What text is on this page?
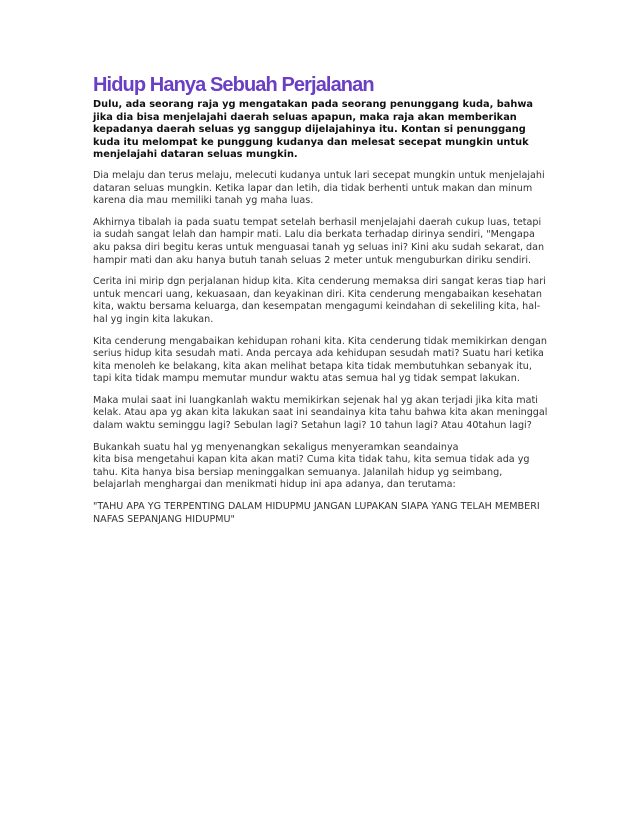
Hidup Hanya Sebuah Perjalanan

Dulu, ada seorang raja yg mengatakan pada seorang penunggang kuda, bahwa jika dia bisa menjelajahi daerah seluas apapun, maka raja akan memberikan kepadanya daerah seluas yg sanggup dijelajahinya itu. Kontan si penunggang kuda itu melompat ke punggung kudanya dan melesat secepat mungkin untuk menjelajahi dataran seluas mungkin.

Dia melaju dan terus melaju, melecuti kudanya untuk lari secepat mungkin untuk menjelajahi dataran seluas mungkin. Ketika lapar dan letih, dia tidak berhenti untuk makan dan minum karena dia mau memiliki tanah yg maha luas.

Akhirnya tibalah ia pada suatu tempat setelah berhasil menjelajahi daerah cukup luas, tetapi ia sudah sangat lelah dan hampir mati. Lalu dia berkata terhadap dirinya sendiri, "Mengapa aku paksa diri begitu keras untuk menguasai tanah yg seluas ini? Kini aku sudah sekarat, dan hampir mati dan aku hanya butuh tanah seluas 2 meter untuk menguburkan diriku sendiri.

Cerita ini mirip dgn perjalanan hidup kita. Kita cenderung memaksa diri sangat keras tiap hari untuk mencari uang, kekuasaan, dan keyakinan diri. Kita cenderung mengabaikan kesehatan kita, waktu bersama keluarga, dan kesempatan mengagumi keindahan di sekeliling kita, hal-hal yg ingin kita lakukan.

Kita cenderung mengabaikan kehidupan rohani kita. Kita cenderung tidak memikirkan dengan serius hidup kita sesudah mati. Anda percaya ada kehidupan sesudah mati? Suatu hari ketika kita menoleh ke belakang, kita akan melihat betapa kita tidak membutuhkan sebanyak itu, tapi kita tidak mampu memutar mundur waktu atas semua hal yg tidak sempat lakukan.

Maka mulai saat ini luangkanlah waktu memikirkan sejenak hal yg akan terjadi jika kita mati kelak. Atau apa yg akan kita lakukan saat ini seandainya kita tahu bahwa kita akan meninggal dalam waktu seminggu lagi? Sebulan lagi? Setahun lagi? 10 tahun lagi? Atau 40tahun lagi?

Bukankah suatu hal yg menyenangkan sekaligus menyeramkan seandainya
kita bisa mengetahui kapan kita akan mati? Cuma kita tidak tahu, kita semua tidak ada yg tahu. Kita hanya bisa bersiap meninggalkan semuanya. Jalanilah hidup yg seimbang, belajarlah menghargai dan menikmati hidup ini apa adanya, dan terutama:

"TAHU APA YG TERPENTING DALAM HIDUPMU JANGAN LUPAKAN SIAPA YANG TELAH MEMBERI NAFAS SEPANJANG HIDUPMU"
